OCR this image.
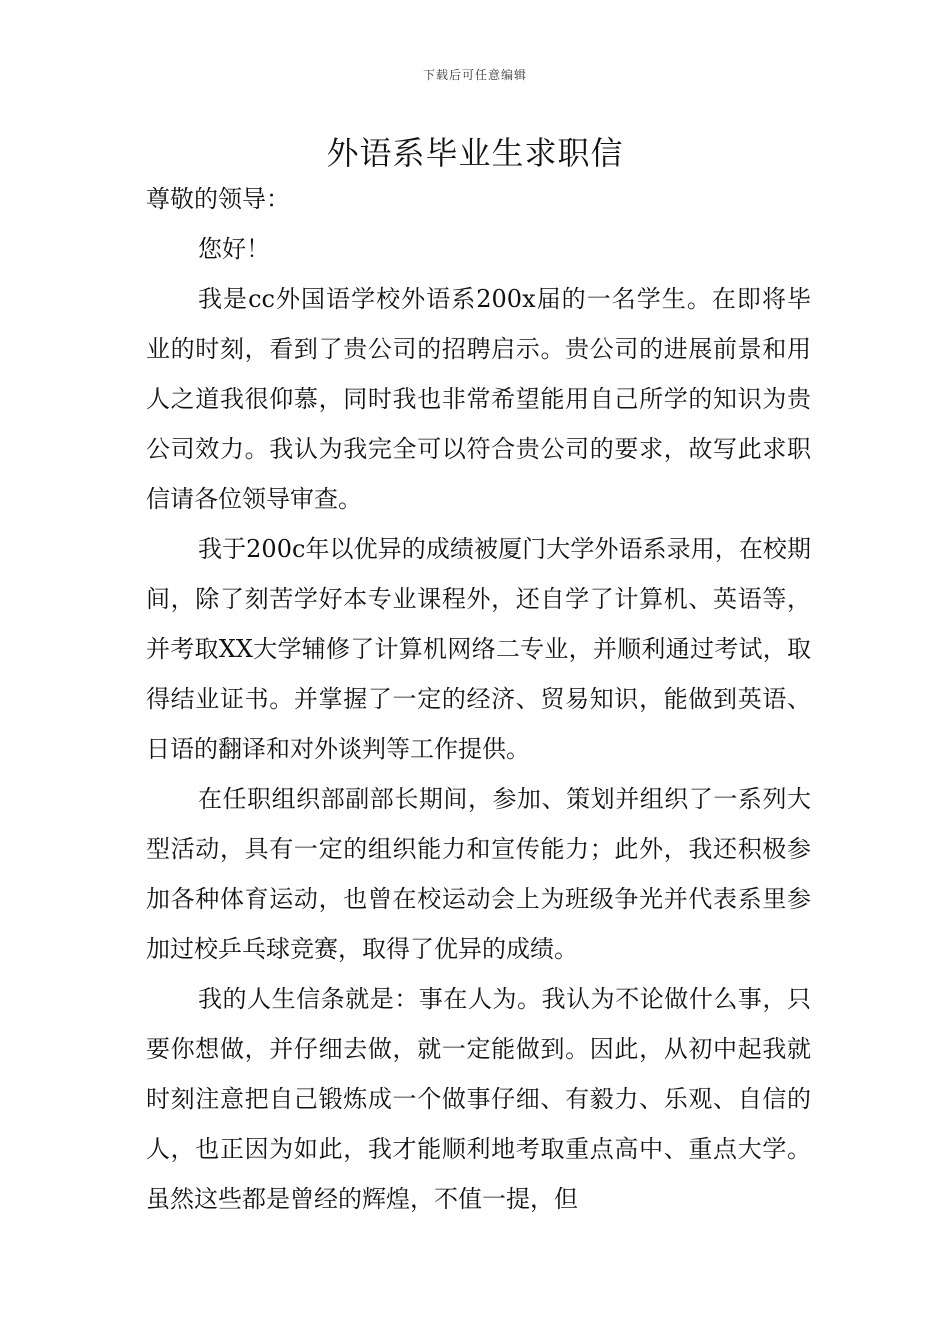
下载后可任意编辑
外语系毕业生求职信

尊敬的领导：

您好！

我是cc外国语学校外语系200x届的一名学生。在即将毕业的时刻，看到了贵公司的招聘启示。贵公司的进展前景和用人之道我很仰慕，同时我也非常希望能用自己所学的知识为贵公司效力。我认为我完全可以符合贵公司的要求，故写此求职信请各位领导审查。

我于200c年以优异的成绩被厦门大学外语系录用，在校期间，除了刻苦学好本专业课程外，还自学了计算机、英语等，并考取XX大学辅修了计算机网络二专业，并顺利通过考试，取得结业证书。并掌握了一定的经济、贸易知识，能做到英语、日语的翻译和对外谈判等工作提供。

在任职组织部副部长期间，参加、策划并组织了一系列大型活动，具有一定的组织能力和宣传能力；此外，我还积极参加各种体育运动，也曾在校运动会上为班级争光并代表系里参加过校乒乓球竞赛，取得了优异的成绩。

我的人生信条就是：事在人为。我认为不论做什么事，只要你想做，并仔细去做，就一定能做到。因此，从初中起我就时刻注意把自己锻炼成一个做事仔细、有毅力、乐观、自信的人，也正因为如此，我才能顺利地考取重点高中、重点大学。虽然这些都是曾经的辉煌，不值一提，但
